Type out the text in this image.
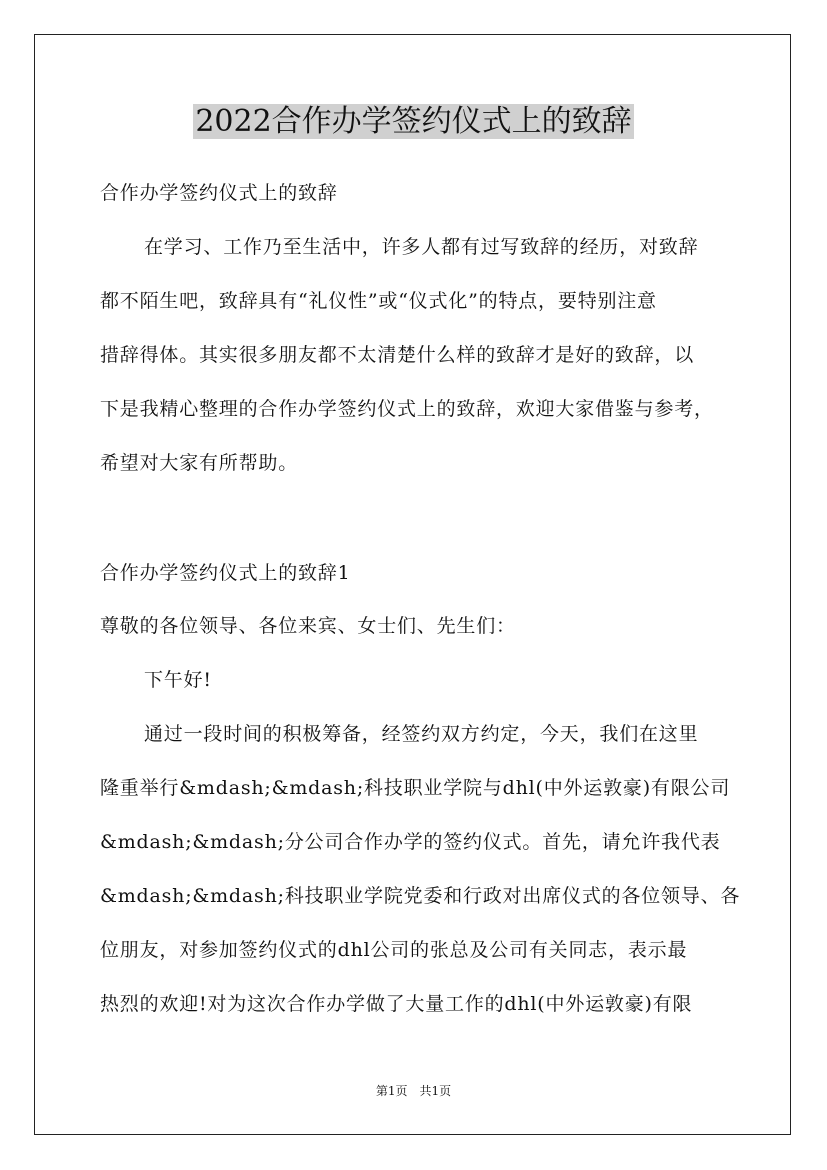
2022合作办学签约仪式上的致辞
合作办学签约仪式上的致辞
在学习、工作乃至生活中，许多人都有过写致辞的经历，对致辞
都不陌生吧，致辞具有“礼仪性”或“仪式化”的特点，要特别注意
措辞得体。其实很多朋友都不太清楚什么样的致辞才是好的致辞，以
下是我精心整理的合作办学签约仪式上的致辞，欢迎大家借鉴与参考，
希望对大家有所帮助。
合作办学签约仪式上的致辞1
尊敬的各位领导、各位来宾、女士们、先生们：
下午好!
通过一段时间的积极筹备，经签约双方约定，今天，我们在这里
隆重举行&mdash;&mdash;科技职业学院与dhl(中外运敦豪)有限公司
&mdash;&mdash;分公司合作办学的签约仪式。首先，请允许我代表
&mdash;&mdash;科技职业学院党委和行政对出席仪式的各位领导、各
位朋友，对参加签约仪式的dhl公司的张总及公司有关同志，表示最
热烈的欢迎!对为这次合作办学做了大量工作的dhl(中外运敦豪)有限
第1页　共1页
